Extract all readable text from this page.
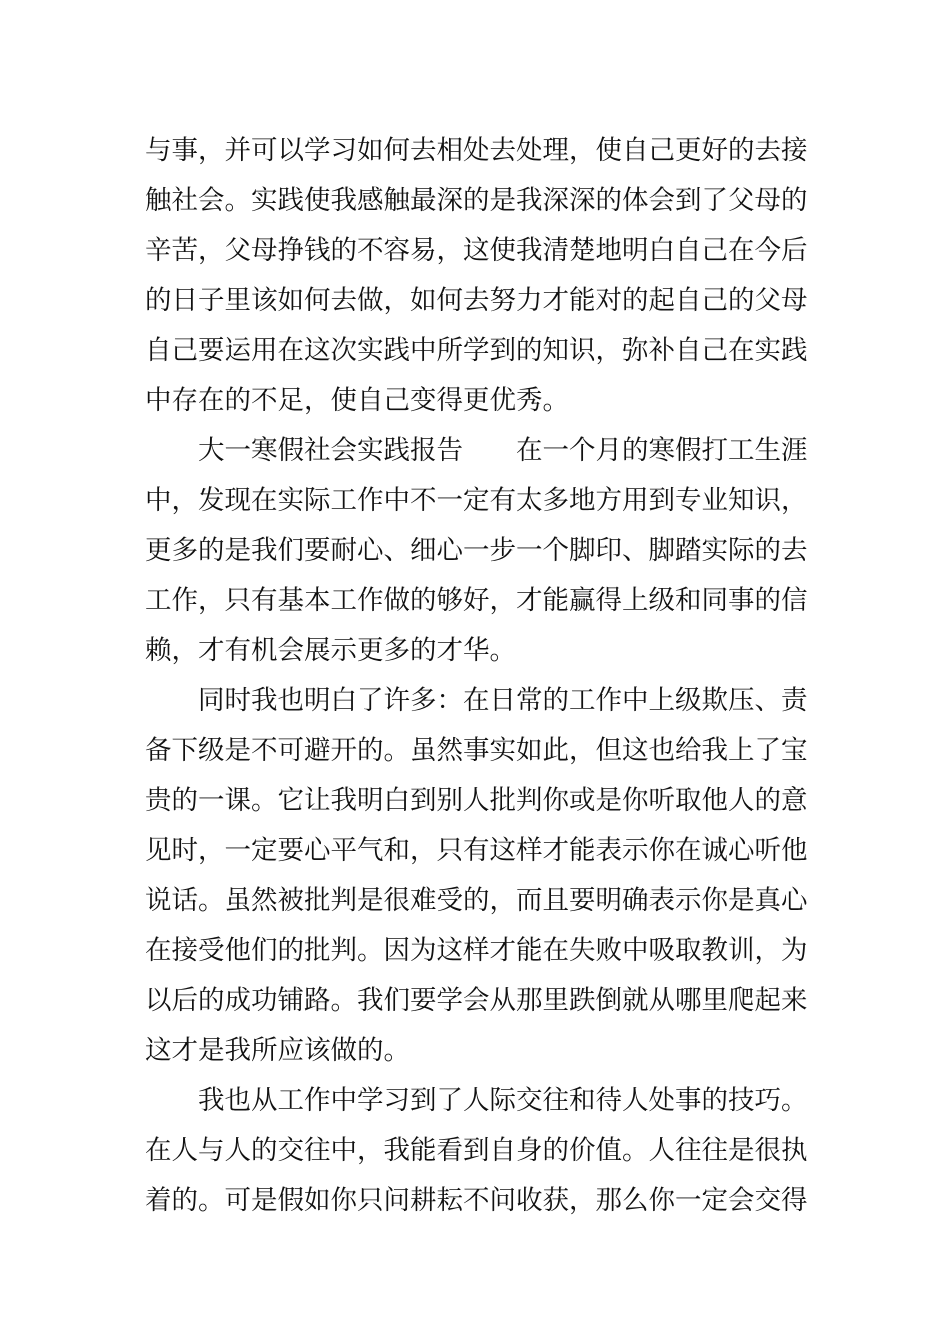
与事，并可以学习如何去相处去处理，使自己更好的去接
触社会。实践使我感触最深的是我深深的体会到了父母的
辛苦，父母挣钱的不容易，这使我清楚地明白自己在今后
的日子里该如何去做，如何去努力才能对的起自己的父母
自己要运用在这次实践中所学到的知识，弥补自己在实践
中存在的不足，使自己变得更优秀。
　　大一寒假社会实践报告　　在一个月的寒假打工生涯
中，发现在实际工作中不一定有太多地方用到专业知识，
更多的是我们要耐心、细心一步一个脚印、脚踏实际的去
工作，只有基本工作做的够好，才能赢得上级和同事的信
赖，才有机会展示更多的才华。
　　同时我也明白了许多：在日常的工作中上级欺压、责
备下级是不可避开的。虽然事实如此，但这也给我上了宝
贵的一课。它让我明白到别人批判你或是你听取他人的意
见时，一定要心平气和，只有这样才能表示你在诚心听他
说话。虽然被批判是很难受的，而且要明确表示你是真心
在接受他们的批判。因为这样才能在失败中吸取教训，为
以后的成功铺路。我们要学会从那里跌倒就从哪里爬起来
这才是我所应该做的。
　　我也从工作中学习到了人际交往和待人处事的技巧。
在人与人的交往中，我能看到自身的价值。人往往是很执
着的。可是假如你只问耕耘不问收获，那么你一定会交得
